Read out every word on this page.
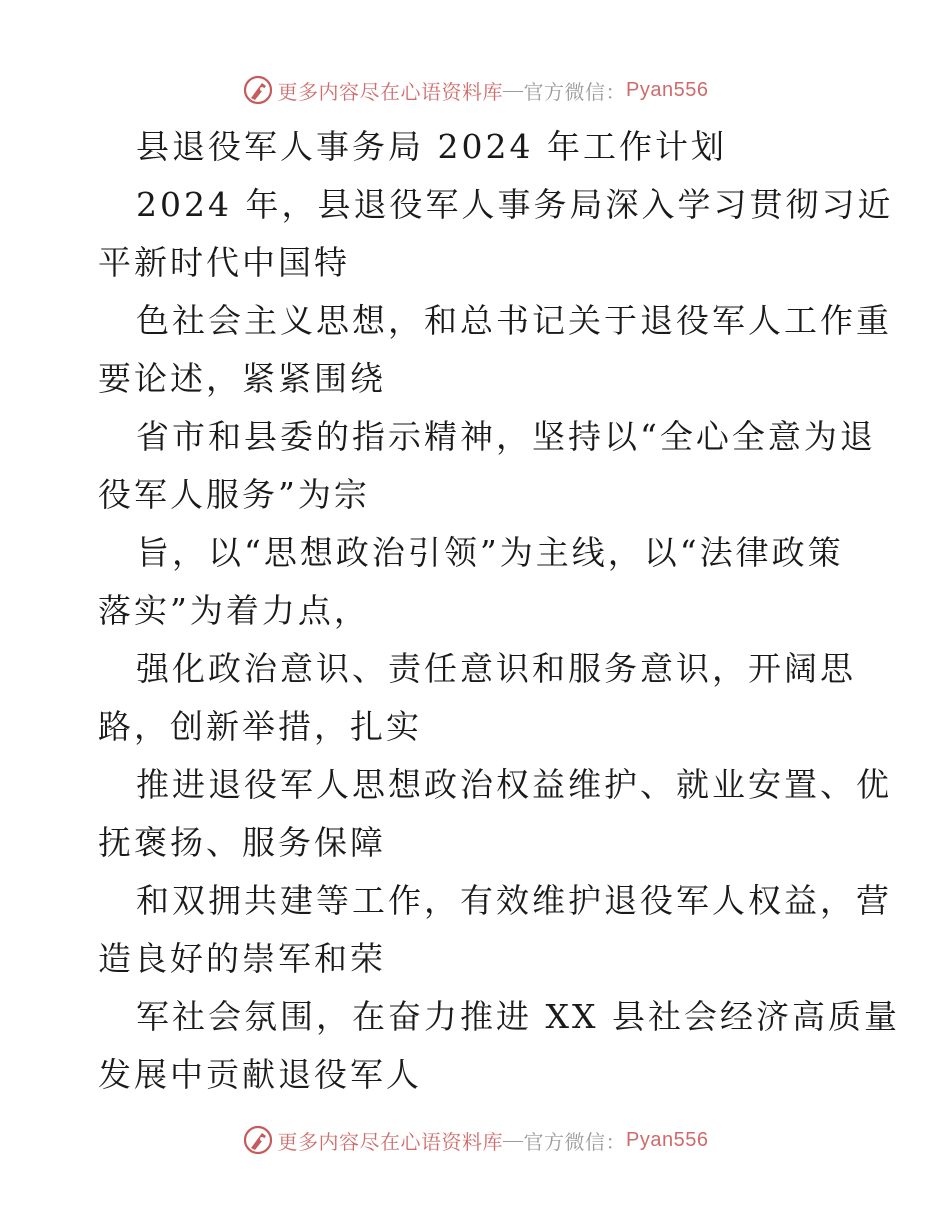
更多内容尽在心语资料库 — 官方微信： Pyan556
县退役军人事务局 2024 年工作计划
2024 年，县退役军人事务局深入学习贯彻习近
平新时代中国特
色社会主义思想，和总书记关于退役军人工作重
要论述，紧紧围绕
省市和县委的指示精神，坚持以“全心全意为退
役军人服务”为宗
旨，以“思想政治引领”为主线，以“法律政策
落实”为着力点，
强化政治意识、责任意识和服务意识，开阔思
路，创新举措，扎实
推进退役军人思想政治权益维护、就业安置、优
抚褒扬、服务保障
和双拥共建等工作，有效维护退役军人权益，营
造良好的崇军和荣
军社会氛围，在奋力推进 XX 县社会经济高质量
发展中贡献退役军人
更多内容尽在心语资料库 — 官方微信： Pyan556
